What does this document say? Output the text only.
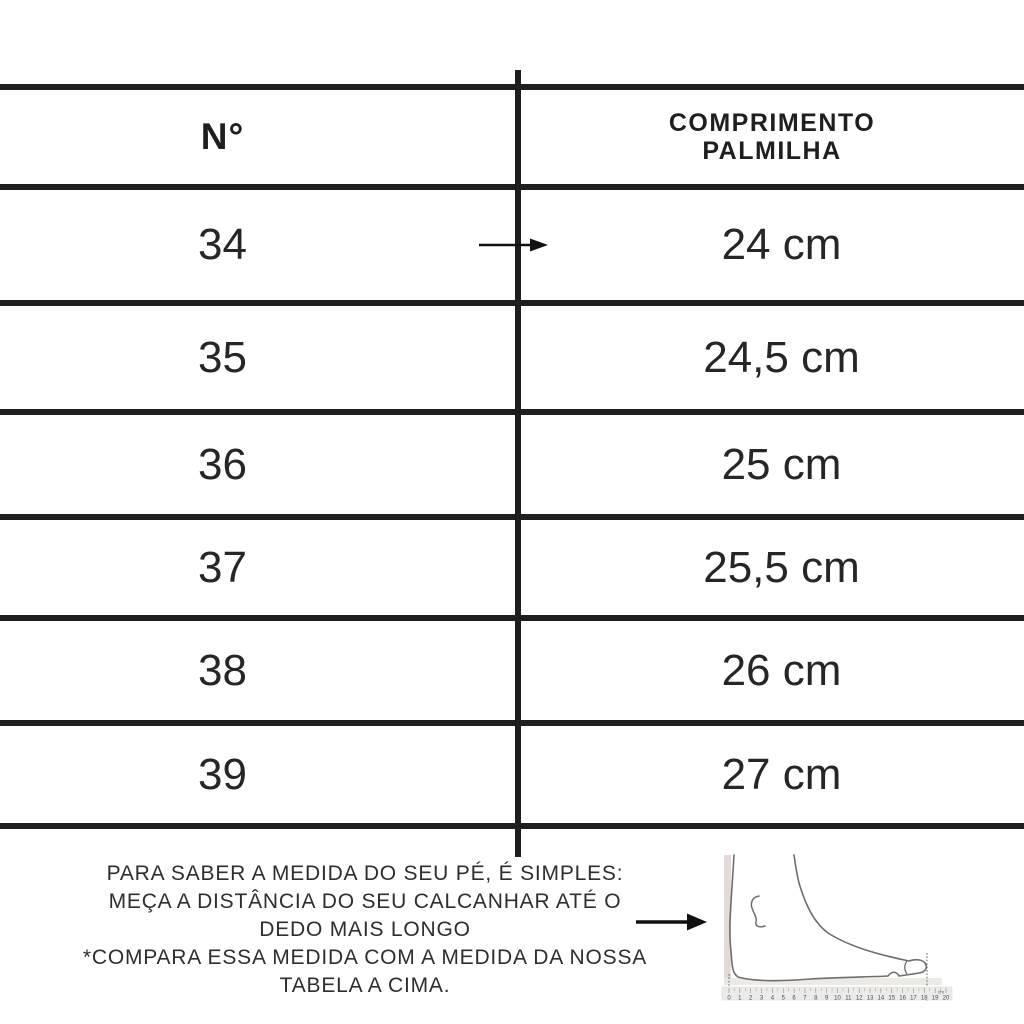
N°	COMPRIMENTO PALMILHA
34	24 cm
35	24,5 cm
36	25 cm
37	25,5 cm
38	26 cm
39	27 cm
PARA SABER A MEDIDA DO SEU PÉ, É SIMPLES:
MEÇA A DISTÂNCIA DO SEU CALCANHAR ATÉ O
DEDO MAIS LONGO
*COMPARA ESSA MEDIDA COM A MEDIDA DA NOSSA
TABELA A CIMA.
0 1 2 3 4 5 6 7 8 9 10 11 12 13 14 15 16 17 18 19 20
cm
